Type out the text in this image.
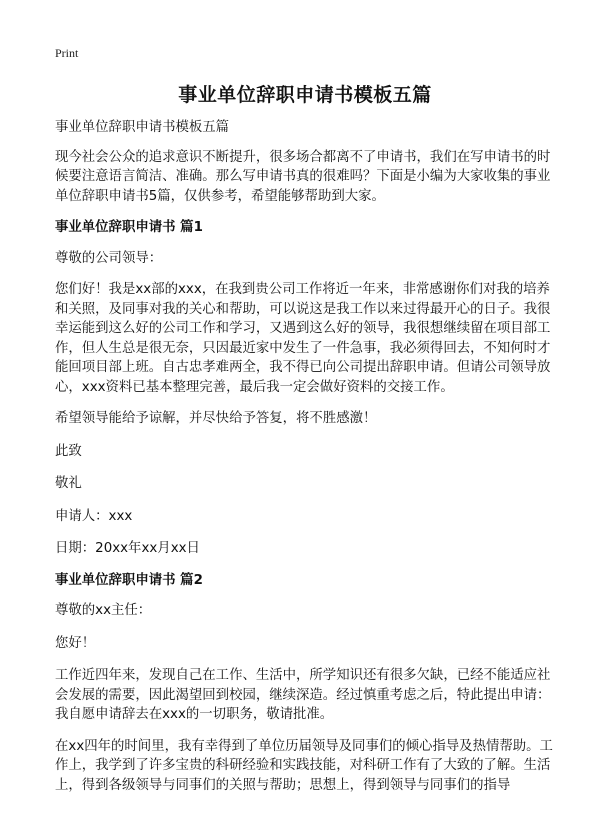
Print
事业单位辞职申请书模板五篇

事业单位辞职申请书模板五篇

现今社会公众的追求意识不断提升，很多场合都离不了申请书，我们在写申请书的时候要注意语言简洁、准确。那么写申请书真的很难吗？下面是小编为大家收集的事业单位辞职申请书5篇，仅供参考，希望能够帮助到大家。

事业单位辞职申请书 篇1

尊敬的公司领导：

您们好！我是xx部的xxx，在我到贵公司工作将近一年来，非常感谢你们对我的培养和关照，及同事对我的关心和帮助，可以说这是我工作以来过得最开心的日子。我很幸运能到这么好的公司工作和学习，又遇到这么好的领导，我很想继续留在项目部工作，但人生总是很无奈，只因最近家中发生了一件急事，我必须得回去，不知何时才能回项目部上班。自古忠孝难两全，我不得已向公司提出辞职申请。但请公司领导放心，xxx资料已基本整理完善，最后我一定会做好资料的交接工作。

希望领导能给予谅解，并尽快给予答复，将不胜感激！

此致

敬礼

申请人：xxx

日期：20xx年xx月xx日

事业单位辞职申请书 篇2

尊敬的xx主任：

您好！

工作近四年来，发现自己在工作、生活中，所学知识还有很多欠缺，已经不能适应社会发展的需要，因此渴望回到校园，继续深造。经过慎重考虑之后，特此提出申请：我自愿申请辞去在xxx的一切职务，敬请批准。

在xx四年的时间里，我有幸得到了单位历届领导及同事们的倾心指导及热情帮助。工作上，我学到了许多宝贵的科研经验和实践技能，对科研工作有了大致的了解。生活上，得到各级领导与同事们的关照与帮助；思想上，得到领导与同事们的指导
